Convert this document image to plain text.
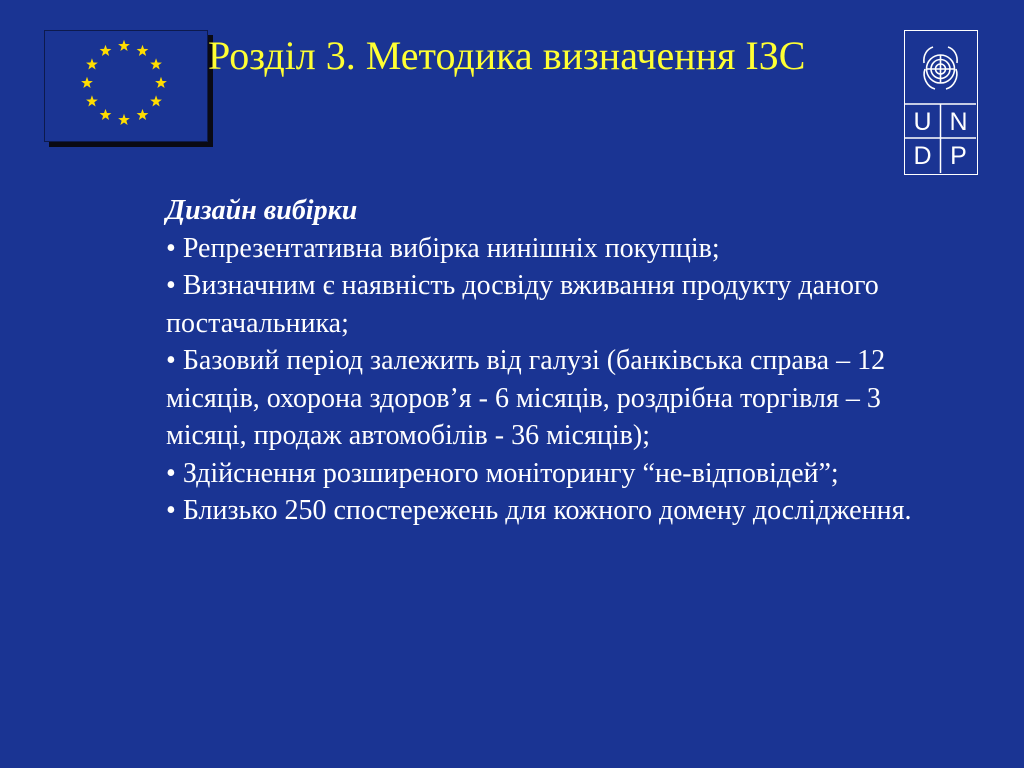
Розділ 3. Методика визначення ІЗС
U N
D P

Дизайн вибірки

• Репрезентативна вибірка нинішніх покупців;
• Визначним є наявність досвіду вживання продукту даного постачальника;
• Базовий період залежить від галузі (банківська справа – 12 місяців, охорона здоров’я - 6 місяців, роздрібна торгівля – 3 місяці, продаж автомобілів - 36 місяців);
• Здійснення розширеного моніторингу “не-відповідей”;
• Близько 250 спостережень для кожного домену дослідження.
